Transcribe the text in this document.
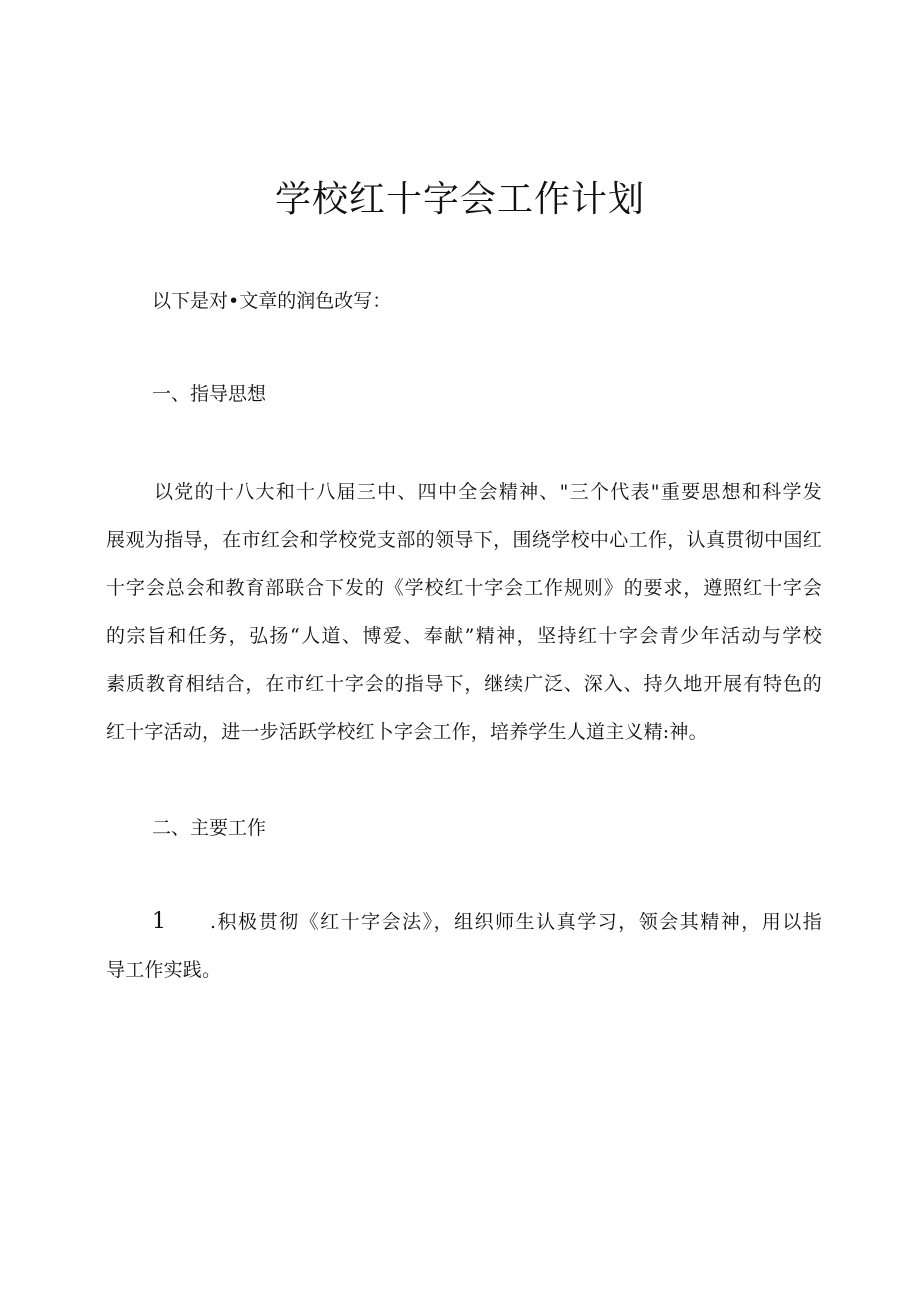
学校红十字会工作计划

以下是对•文章的润色改写：

一、指导思想

以党的十八大和十八届三中、四中全会精神、"三个代表"重要思想和科学发
展观为指导，在市红会和学校党支部的领导下，围绕学校中心工作，认真贯彻中国红
十字会总会和教育部联合下发的《学校红十字会工作规则》的要求，遵照红十字会
的宗旨和任务，弘扬“人道、博爱、奉献”精神，坚持红十字会青少年活动与学校
素质教育相结合，在市红十字会的指导下，继续广泛、深入、持久地开展有特色的
红十字活动，进一步活跃学校红卜字会工作，培养学生人道主义精:神。

二、主要工作

1 .积极贯彻《红十字会法》，组织师生认真学习，领会其精神，用以指
导工作实践。
